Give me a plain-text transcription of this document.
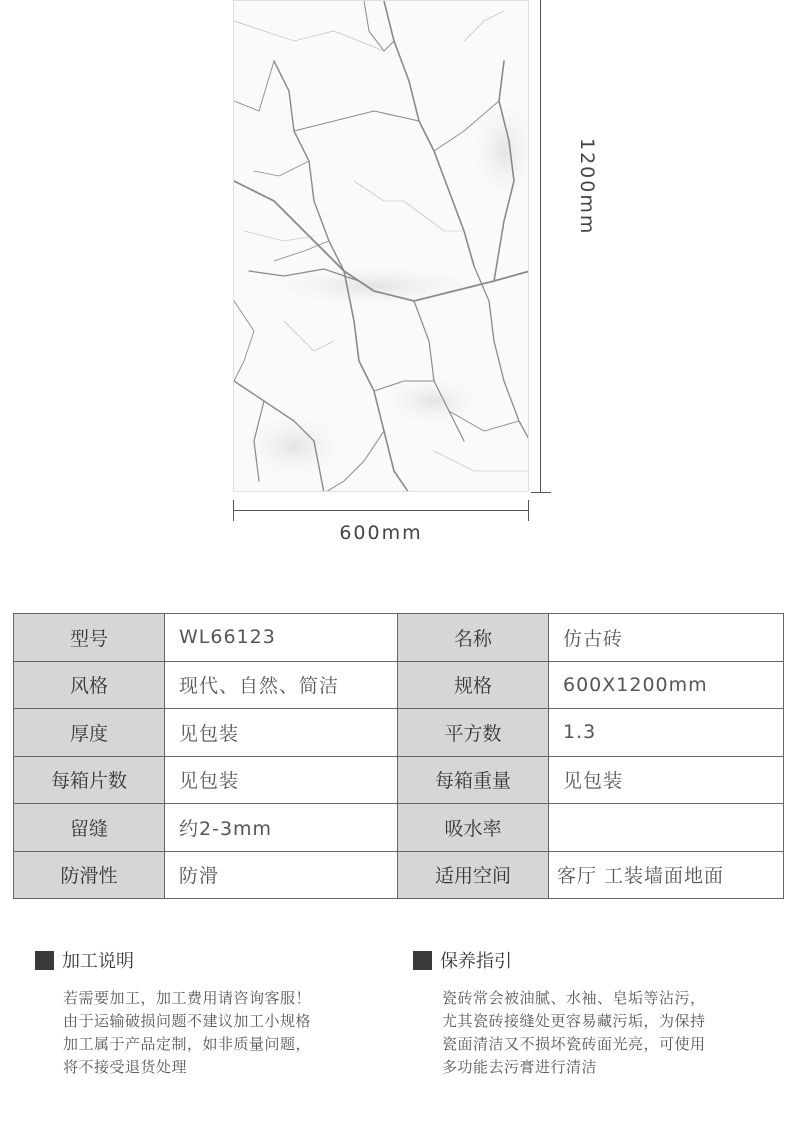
1200mm
600mm
型号	WL66123	名称	仿古砖
风格	现代、自然、简洁	规格	600X1200mm
厚度	见包装	平方数	1.3
每箱片数	见包装	每箱重量	见包装
留缝	约2-3mm	吸水率	
防滑性	防滑	适用空间	客厅 工装墙面地面
加工说明

若需要加工，加工费用请咨询客服！

由于运输破损问题不建议加工小规格

加工属于产品定制，如非质量问题，

将不接受退货处理

保养指引

瓷砖常会被油腻、水袖、皂垢等沾污，

尤其瓷砖接缝处更容易藏污垢，为保持

瓷面清洁又不损坏瓷砖面光亮，可使用

多功能去污膏进行清洁
